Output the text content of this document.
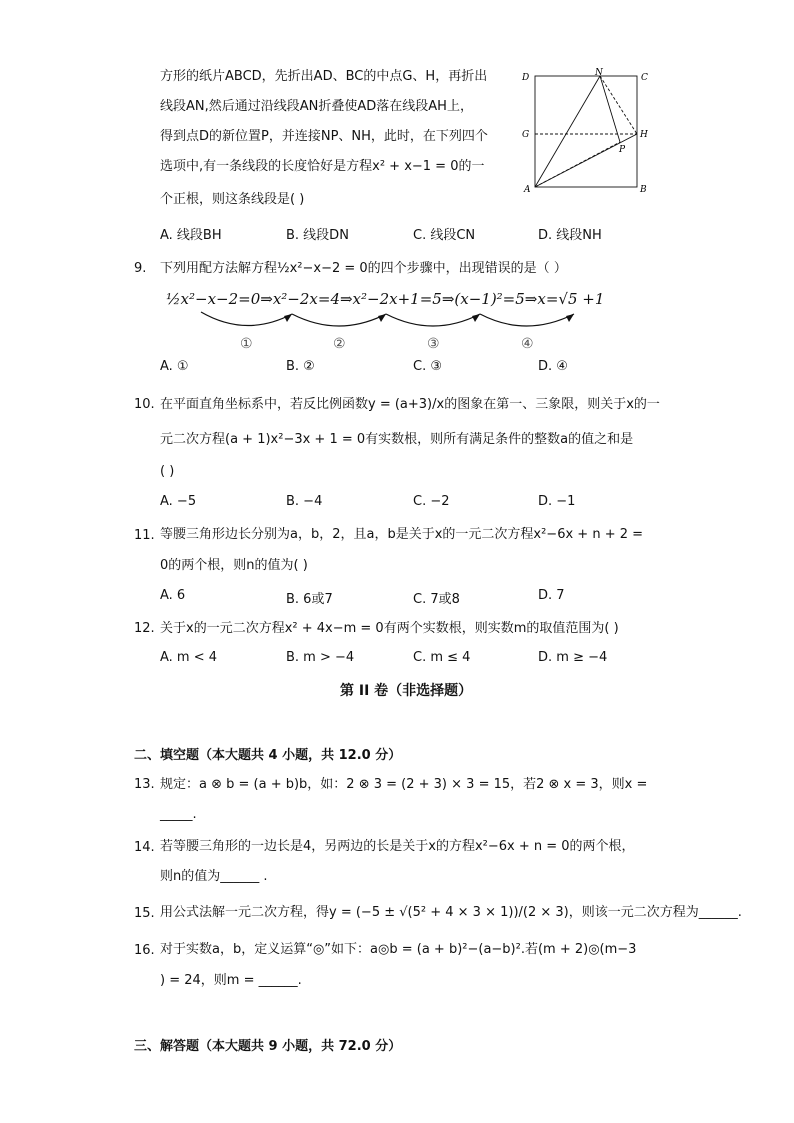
方形的纸片ABCD，先折出AD、BC的中点G、H，再折出
线段AN,然后通过沿线段AN折叠使AD落在线段AH上，
得到点D的新位置P，并连接NP、NH，此时，在下列四个
选项中,有一条线段的长度恰好是方程x² + x−1 = 0的一
个正根，则这条线段是( )
D	N	C
G	H
P
A	B
A. 线段BH	B. 线段DN	C. 线段CN	D. 线段NH
9. 下列用配方法解方程½x²−x−2 = 0的四个步骤中，出现错误的是（ ）
½x²−x−2=0⇒x²−2x=4⇒x²−2x+1=5⇒(x−1)²=5⇒x=√5 +1
①	②	③	④
A. ①	B. ②	C. ③	D. ④
10. 在平面直角坐标系中，若反比例函数y = (a+3)/x的图象在第一、三象限，则关于x的一
元二次方程(a + 1)x²−3x + 1 = 0有实数根，则所有满足条件的整数a的值之和是
( )
A. −5	B. −4	C. −2	D. −1
11. 等腰三角形边长分别为a，b，2，且a，b是关于x的一元二次方程x²−6x + n + 2 =
0的两个根，则n的值为( )
A. 6	B. 6或7	C. 7或8	D. 7
12. 关于x的一元二次方程x² + 4x−m = 0有两个实数根，则实数m的取值范围为( )
A. m < 4	B. m > −4	C. m ≤ 4	D. m ≥ −4
第 II 卷（非选择题）
二、填空题（本大题共 4 小题，共 12.0 分）
13. 规定：a ⊗ b = (a + b)b，如：2 ⊗ 3 = (2 + 3) × 3 = 15，若2 ⊗ x = 3，则x =
_____.
14. 若等腰三角形的一边长是4，另两边的长是关于x的方程x²−6x + n = 0的两个根，
则n的值为______ .
15. 用公式法解一元二次方程，得y = (−5 ± √(5² + 4 × 3 × 1))/(2 × 3)，则该一元二次方程为______.
16. 对于实数a，b，定义运算“◎”如下：a◎b = (a + b)²−(a−b)².若(m + 2)◎(m−3
) = 24，则m = ______.
三、解答题（本大题共 9 小题，共 72.0 分）
